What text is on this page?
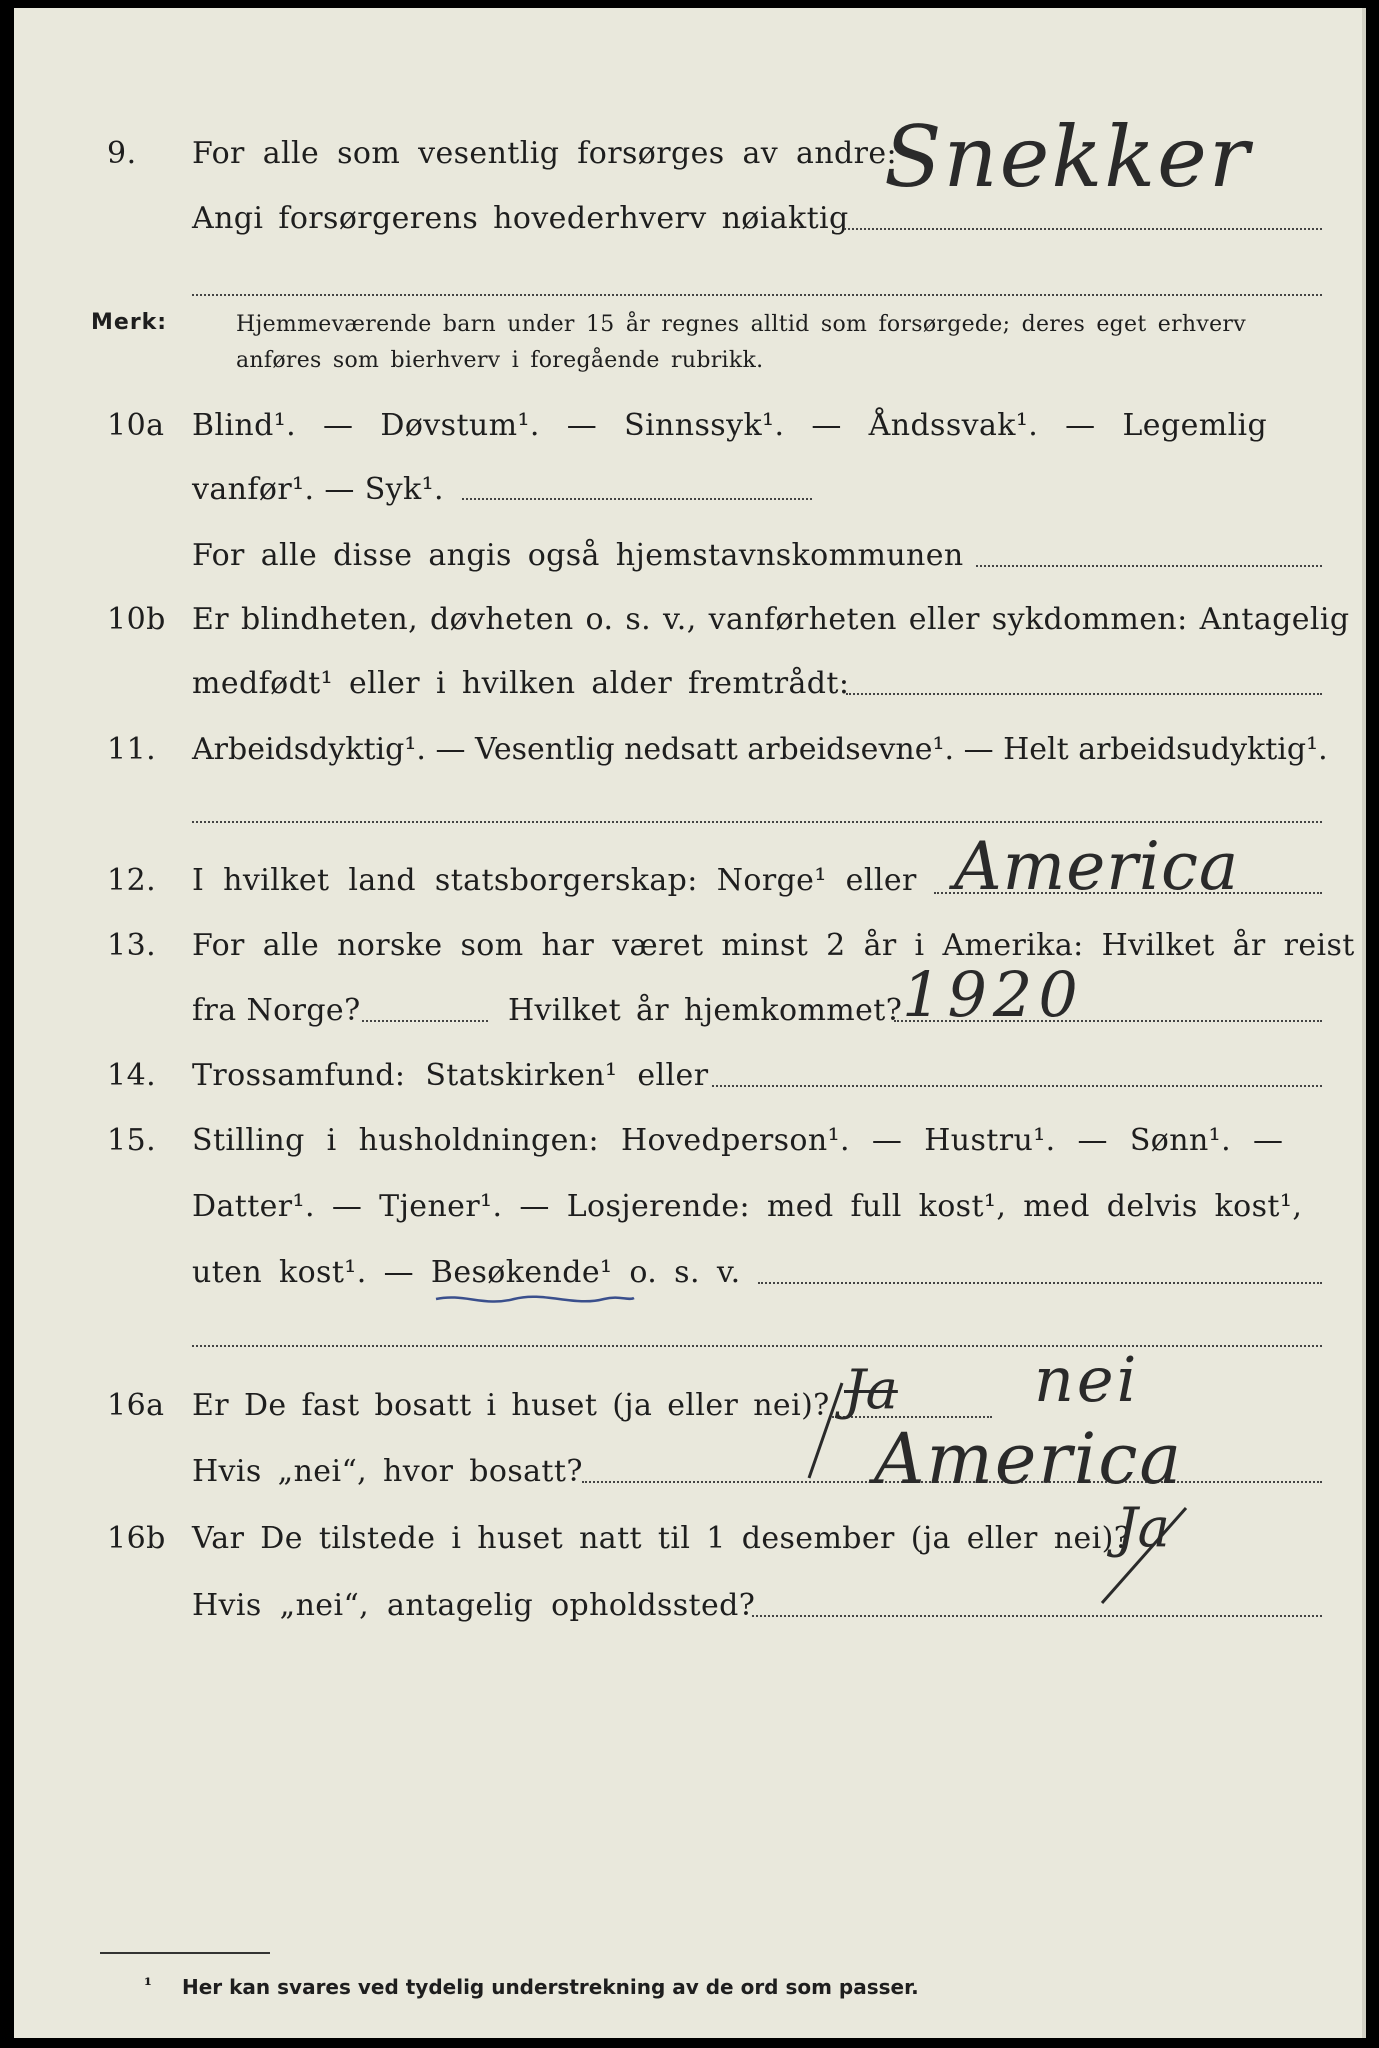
9. For alle som vesentlig forsørges av andre:
Angi forsørgerens hovederhverv nøiaktig
Snekker
Merk:	Hjemmeværende barn under 15 år regnes alltid som forsørgede; deres eget erhverv
anføres som bierhverv i foregående rubrikk.
10a Blind¹. — Døvstum¹. — Sinnssyk¹. — Åndssvak¹. — Legemlig
vanfør¹. — Syk¹.
For alle disse angis også hjemstavnskommunen
10b Er blindheten, døvheten o. s. v., vanførheten eller sykdommen: Antagelig
medfødt¹ eller i hvilken alder fremtrådt:
11. Arbeidsdyktig¹. — Vesentlig nedsatt arbeidsevne¹. — Helt arbeidsudyktig¹.
12. I hvilket land statsborgerskap: Norge¹ eller America
13. For alle norske som har været minst 2 år i Amerika: Hvilket år reist
fra Norge?	Hvilket år hjemkommet? 1920
14. Trossamfund: Statskirken¹ eller
15. Stilling i husholdningen: Hovedperson¹. — Hustru¹. — Sønn¹. —
Datter¹. — Tjener¹. — Losjerende: med full kost¹, med delvis kost¹,
uten kost¹. — Besøkende¹ o. s. v.
16a Er De fast bosatt i huset (ja eller nei)? Ja nei
Hvis „nei“, hvor bosatt?	America
16b Var De tilstede i huset natt til 1 desember (ja eller nei)?
Ja
Hvis „nei“, antagelig opholdssted?
¹ Her kan svares ved tydelig understrekning av de ord som passer.
